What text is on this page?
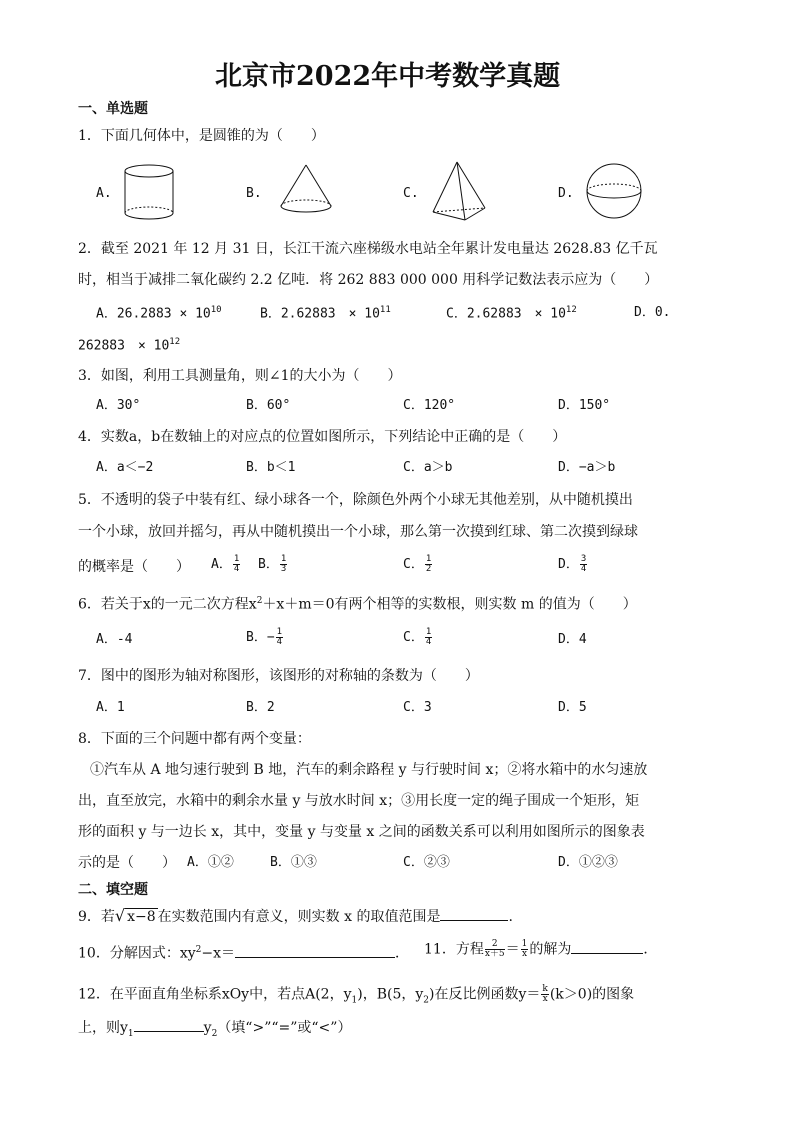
北京市2022年中考数学真题
一、单选题
1．下面几何体中，是圆锥的为（　　）
A.	B.	C.	D.
2．截至 2021 年 12 月 31 日，长江干流六座梯级水电站全年累计发电量达 2628.83 亿千瓦
时，相当于减排二氧化碳约 2.2 亿吨．将 262 883 000 000 用科学记数法表示应为（　　）
A．$26.2883 \times 10^{10}$	B．2.62883　× $10^{11}$	C．2.62883　× $10^{12}$	D．0.
262883　× $10^{12}$
3．如图，利用工具测量角，则∠1的大小为（　　）
A．30°	B．60°	C．120°	D．150°
4．实数a，b在数轴上的对应点的位置如图所示，下列结论中正确的是（　　）
A．a＜−2	B．b＜1	C．a＞b	D．−a＞b
5．不透明的袋子中装有红、绿小球各一个，除颜色外两个小球无其他差别，从中随机摸出
一个小球，放回并摇匀，再从中随机摸出一个小球，那么第一次摸到红球、第二次摸到绿球
的概率是（　　） A． $\frac{1}{4}$ B． $\frac{1}{3}$	C． $\frac{1}{2}$	D． $\frac{3}{4}$
6．若关于x的一元二次方程$x^2+x+m=0$有两个相等的实数根，则实数 m 的值为（　　）
A．-4	B．− $\frac{1}{4}$	C． $\frac{1}{4}$	D．4
7．图中的图形为轴对称图形，该图形的对称轴的条数为（　　）
A．1	B．2	C．3	D．5
8．下面的三个问题中都有两个变量：
①汽车从 A 地匀速行驶到 B 地，汽车的剩余路程 y 与行驶时间 x；②将水箱中的水匀速放
出，直至放完，水箱中的剩余水量 y 与放水时间 x；③用长度一定的绳子围成一个矩形，矩
形的面积 y 与一边长 x，其中，变量 y 与变量 x 之间的函数关系可以利用如图所示的图象表
示的是（　　） A．①②	B．①③	C．②③	D．①②③
二、填空题
9．若√ x−8 在实数范围内有意义，则实数 x 的取值范围是	.
10．分解因式：$xy^2-x=$	． 11．方程 $\frac{2}{x+5} = \frac{1}{x}$ 的解为	．
12．在平面直角坐标系xOy中，若点A(2，$y_1$)，B(5，$y_2$)在反比例函数$y= \frac{k}{x} (k>0)$的图象
上，则$y_1$	$y_2$（填“>”“=”或“<”）
